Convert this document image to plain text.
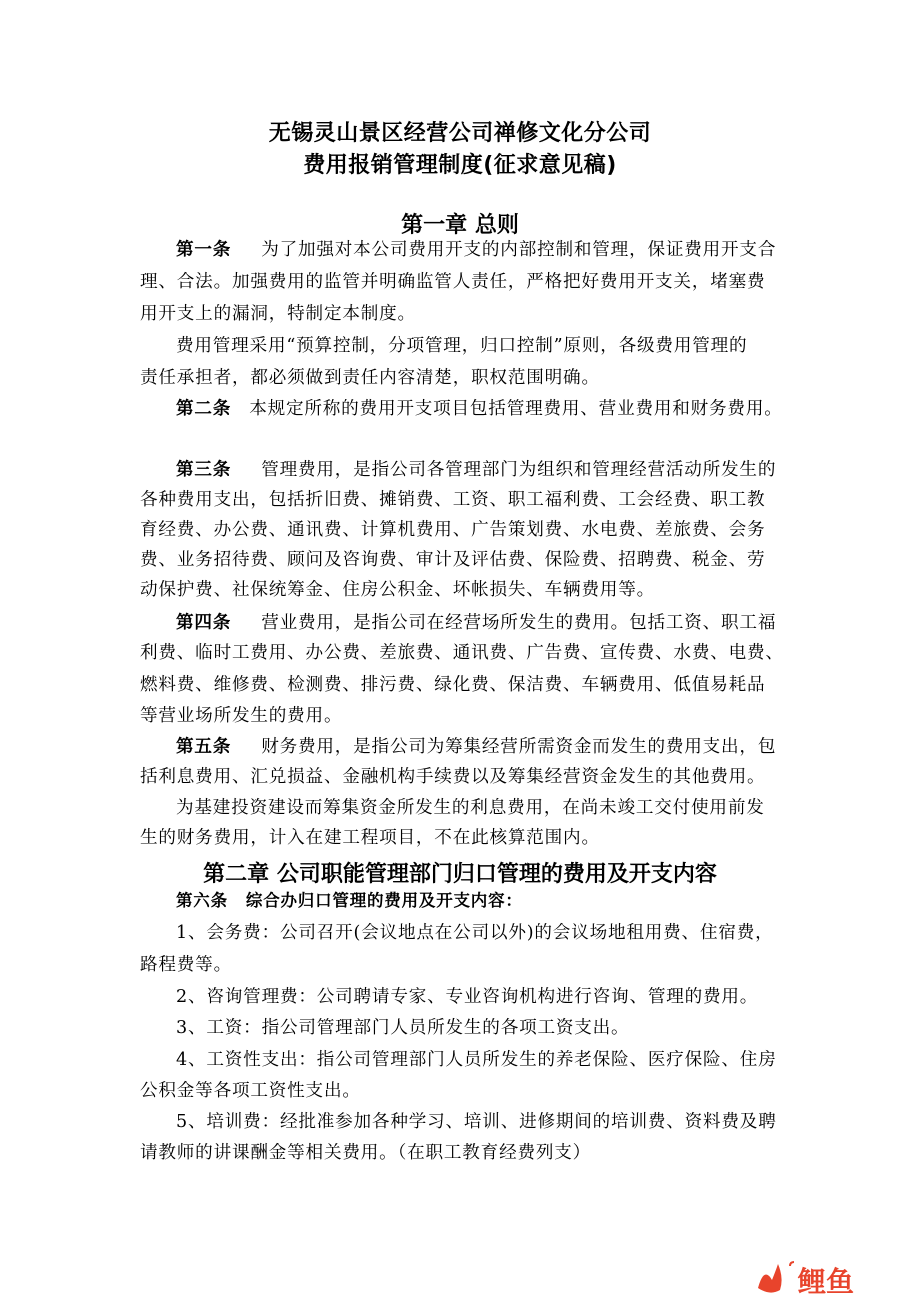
无锡灵山景区经营公司禅修文化分公司
费用报销管理制度(征求意见稿)
第一章 总则
第一条 为了加强对本公司费用开支的内部控制和管理，保证费用开支合
理、合法。加强费用的监管并明确监管人责任，严格把好费用开支关，堵塞费
用开支上的漏洞，特制定本制度。
费用管理采用“预算控制，分项管理，归口控制”原则，各级费用管理的
责任承担者，都必须做到责任内容清楚，职权范围明确。
第二条 本规定所称的费用开支项目包括管理费用、营业费用和财务费用。
第三条 管理费用，是指公司各管理部门为组织和管理经营活动所发生的
各种费用支出，包括折旧费、摊销费、工资、职工福利费、工会经费、职工教
育经费、办公费、通讯费、计算机费用、广告策划费、水电费、差旅费、会务
费、业务招待费、顾问及咨询费、审计及评估费、保险费、招聘费、税金、劳
动保护费、社保统筹金、住房公积金、坏帐损失、车辆费用等。
第四条 营业费用，是指公司在经营场所发生的费用。包括工资、职工福
利费、临时工费用、办公费、差旅费、通讯费、广告费、宣传费、水费、电费、
燃料费、维修费、检测费、排污费、绿化费、保洁费、车辆费用、低值易耗品
等营业场所发生的费用。
第五条 财务费用，是指公司为筹集经营所需资金而发生的费用支出，包
括利息费用、汇兑损益、金融机构手续费以及筹集经营资金发生的其他费用。
为基建投资建设而筹集资金所发生的利息费用，在尚未竣工交付使用前发
生的财务费用，计入在建工程项目，不在此核算范围内。
第二章 公司职能管理部门归口管理的费用及开支内容
第六条 综合办归口管理的费用及开支内容：
1、会务费：公司召开(会议地点在公司以外)的会议场地租用费、住宿费，
路程费等。
2、咨询管理费：公司聘请专家、专业咨询机构进行咨询、管理的费用。
3、工资：指公司管理部门人员所发生的各项工资支出。
4、工资性支出：指公司管理部门人员所发生的养老保险、医疗保险、住房
公积金等各项工资性支出。
5、培训费：经批准参加各种学习、培训、进修期间的培训费、资料费及聘
请教师的讲课酬金等相关费用。（在职工教育经费列支）
鲤鱼
